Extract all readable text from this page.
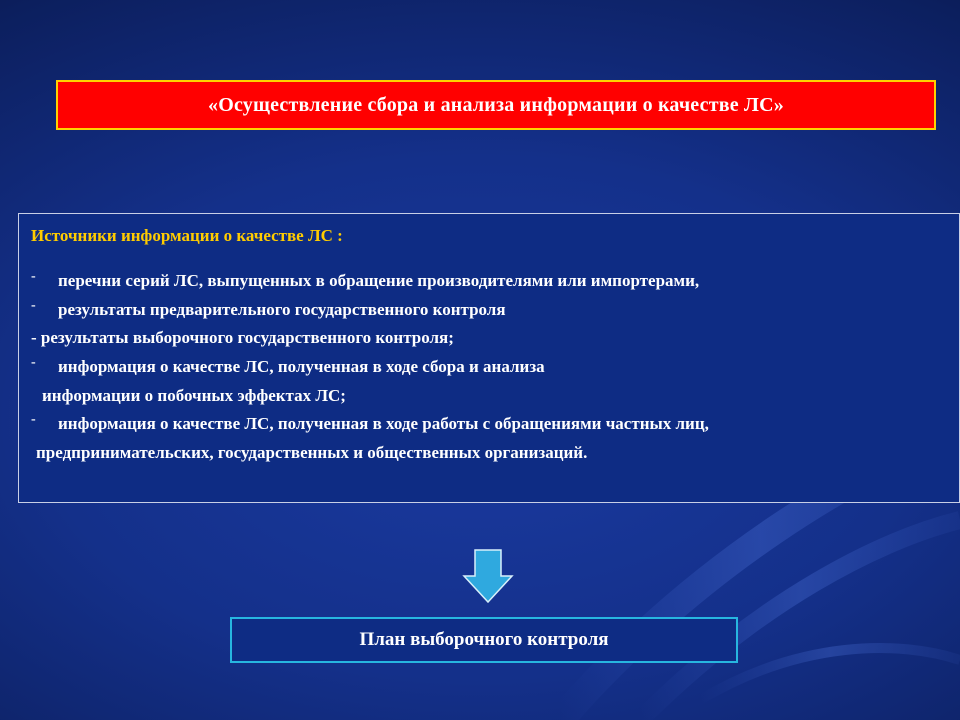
«Осуществление сбора и анализа информации о качестве ЛС»
Источники информации о качестве ЛС :
- перечни серий ЛС, выпущенных в обращение производителями или импортерами,
- результаты предварительного государственного контроля
- результаты выборочного государственного контроля;
- информация о качестве ЛС, полученная в ходе сбора и анализа
информации о побочных эффектах ЛС;
- информация о качестве ЛС, полученная в ходе работы с обращениями частных лиц,
предпринимательских, государственных и общественных организаций.
План выборочного контроля
